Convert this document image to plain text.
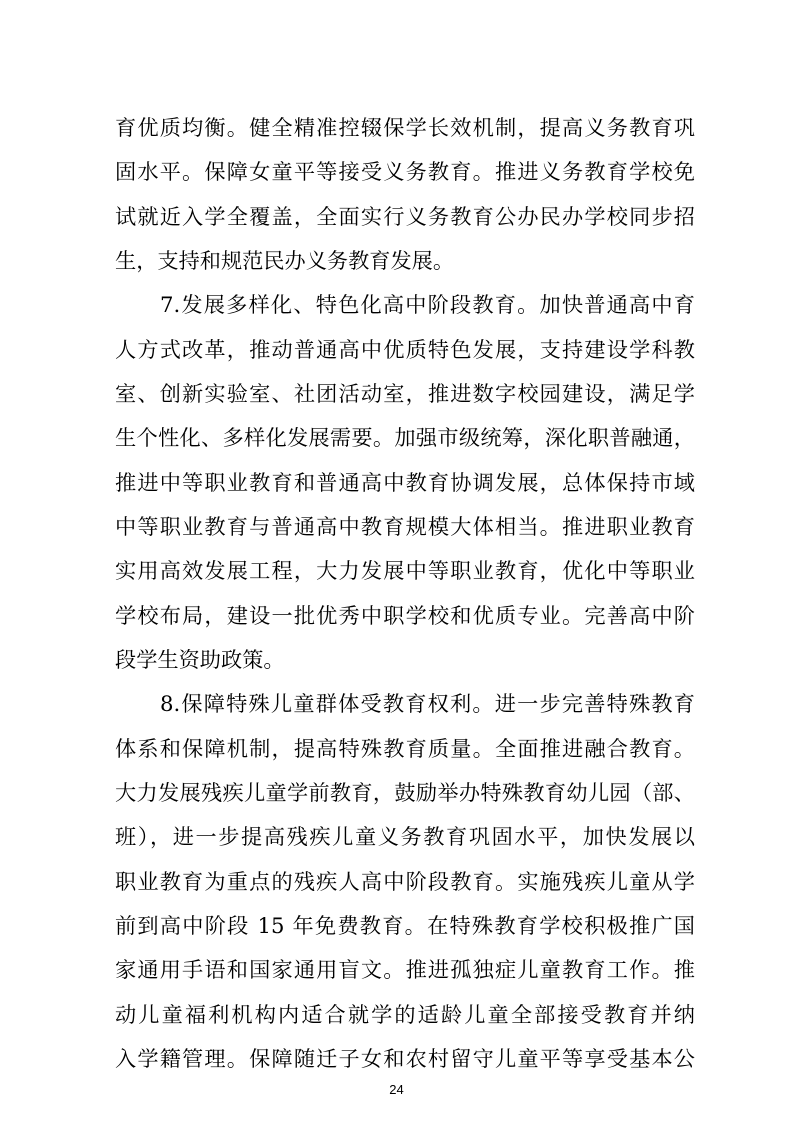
育优质均衡。健全精准控辍保学长效机制，提高义务教育巩
固水平。保障女童平等接受义务教育。推进义务教育学校免
试就近入学全覆盖，全面实行义务教育公办民办学校同步招
生，支持和规范民办义务教育发展。
7.发展多样化、特色化高中阶段教育。加快普通高中育
人方式改革，推动普通高中优质特色发展，支持建设学科教
室、创新实验室、社团活动室，推进数字校园建设，满足学
生个性化、多样化发展需要。加强市级统筹，深化职普融通，
推进中等职业教育和普通高中教育协调发展，总体保持市域
中等职业教育与普通高中教育规模大体相当。推进职业教育
实用高效发展工程，大力发展中等职业教育，优化中等职业
学校布局，建设一批优秀中职学校和优质专业。完善高中阶
段学生资助政策。
8.保障特殊儿童群体受教育权利。进一步完善特殊教育
体系和保障机制，提高特殊教育质量。全面推进融合教育。
大力发展残疾儿童学前教育，鼓励举办特殊教育幼儿园（部、
班），进一步提高残疾儿童义务教育巩固水平，加快发展以
职业教育为重点的残疾人高中阶段教育。实施残疾儿童从学
前到高中阶段 15 年免费教育。在特殊教育学校积极推广国
家通用手语和国家通用盲文。推进孤独症儿童教育工作。推
动儿童福利机构内适合就学的适龄儿童全部接受教育并纳
入学籍管理。保障随迁子女和农村留守儿童平等享受基本公
24
